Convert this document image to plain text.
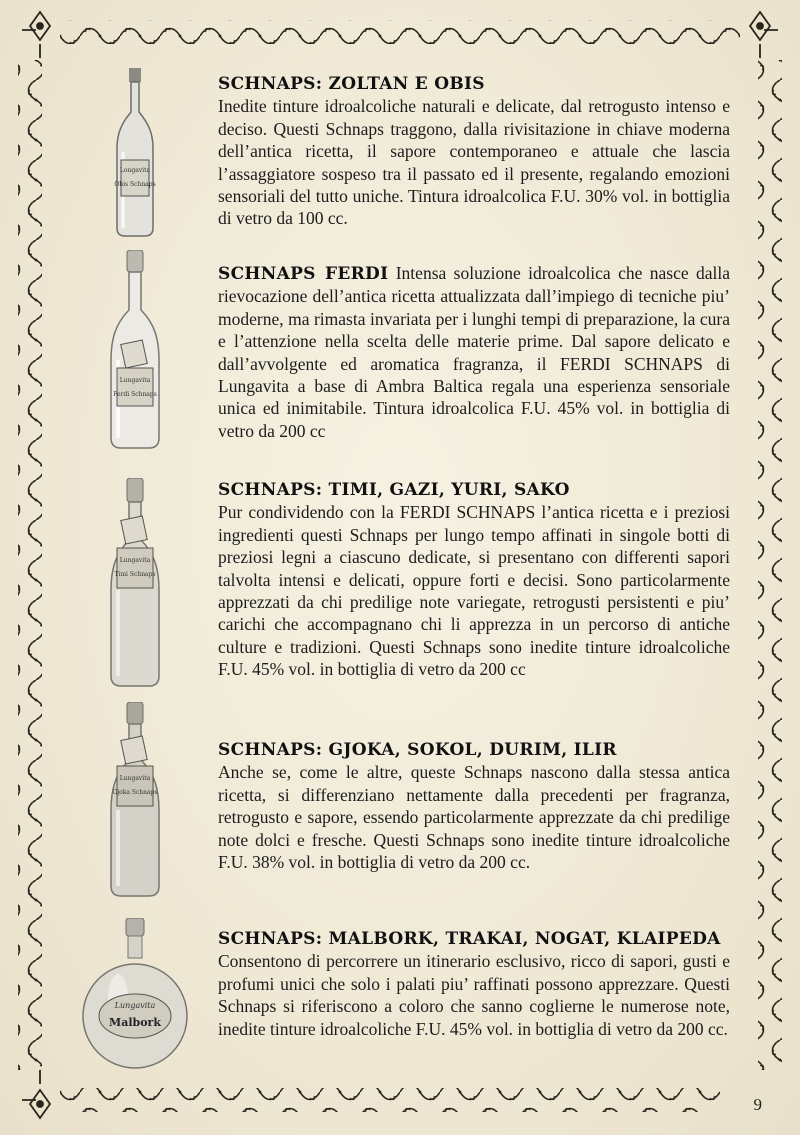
Longavita
Obis Schnaps
SCHNAPS: ZOLTAN E OBIS
Inedite tinture idroalcoliche naturali e delicate, dal retrogusto intenso e deciso. Questi Schnaps traggono, dalla rivisitazione in chiave moderna dell’antica ricetta, il sapore contemporaneo e attuale che lascia l’assaggiatore sospeso tra il passato ed il presente, regalando emozioni sensoriali del tutto uniche. Tintura idroalcolica F.U. 30% vol. in bottiglia di vetro da 100 cc.
Lungavita
Ferdi Schnaps
SCHNAPS FERDI Intensa soluzione idroalcolica che nasce dalla rievocazione dell’antica ricetta attualizzata dall’impiego di tecniche piu’ moderne, ma rimasta invariata per i lunghi tempi di preparazione, la cura e l’attenzione nella scelta delle materie prime. Dal sapore delicato e dall’avvolgente ed aromatica fragranza, il FERDI SCHNAPS di Lungavita a base di Ambra Baltica regala una esperienza sensoriale unica ed inimitabile. Tintura idroalcolica F.U. 45% vol. in bottiglia di vetro da 200 cc
Lungavita
Timi Schnaps
SCHNAPS: TIMI, GAZI, YURI, SAKO
Pur condividendo con la FERDI SCHNAPS l’antica ricetta e i preziosi ingredienti questi Schnaps per lungo tempo affinati in singole botti di preziosi legni a ciascuno dedicate, si presentano con differenti sapori talvolta intensi e delicati, oppure forti e decisi. Sono particolarmente apprezzati da chi predilige note variegate, retrogusti persistenti e piu’ carichi che accompagnano chi li apprezza in un percorso di antiche culture e tradizioni. Questi Schnaps sono inedite tinture idroalcoliche F.U. 45% vol. in bottiglia di vetro da 200 cc
Lungavita
Gjoka Schnaps
SCHNAPS: GJOKA, SOKOL, DURIM, ILIR
Anche se, come le altre, queste Schnaps nascono dalla stessa antica ricetta, si differenziano nettamente dalla precedenti per fragranza, retrogusto e sapore, essendo particolarmente apprezzate da chi predilige note dolci e fresche. Questi Schnaps sono inedite tinture idroalcoliche F.U. 38% vol. in bottiglia di vetro da 200 cc.
Lungavita
Malbork
SCHNAPS: MALBORK, TRAKAI, NOGAT, KLAIPEDA
Consentono di percorrere un itinerario esclusivo, ricco di sapori, gusti e profumi unici che solo i palati piu’ raffinati possono apprezzare. Questi Schnaps si riferiscono a coloro che sanno coglierne le numerose note, inedite tinture idroalcoliche F.U. 45% vol. in bottiglia di vetro da 200 cc.
9
